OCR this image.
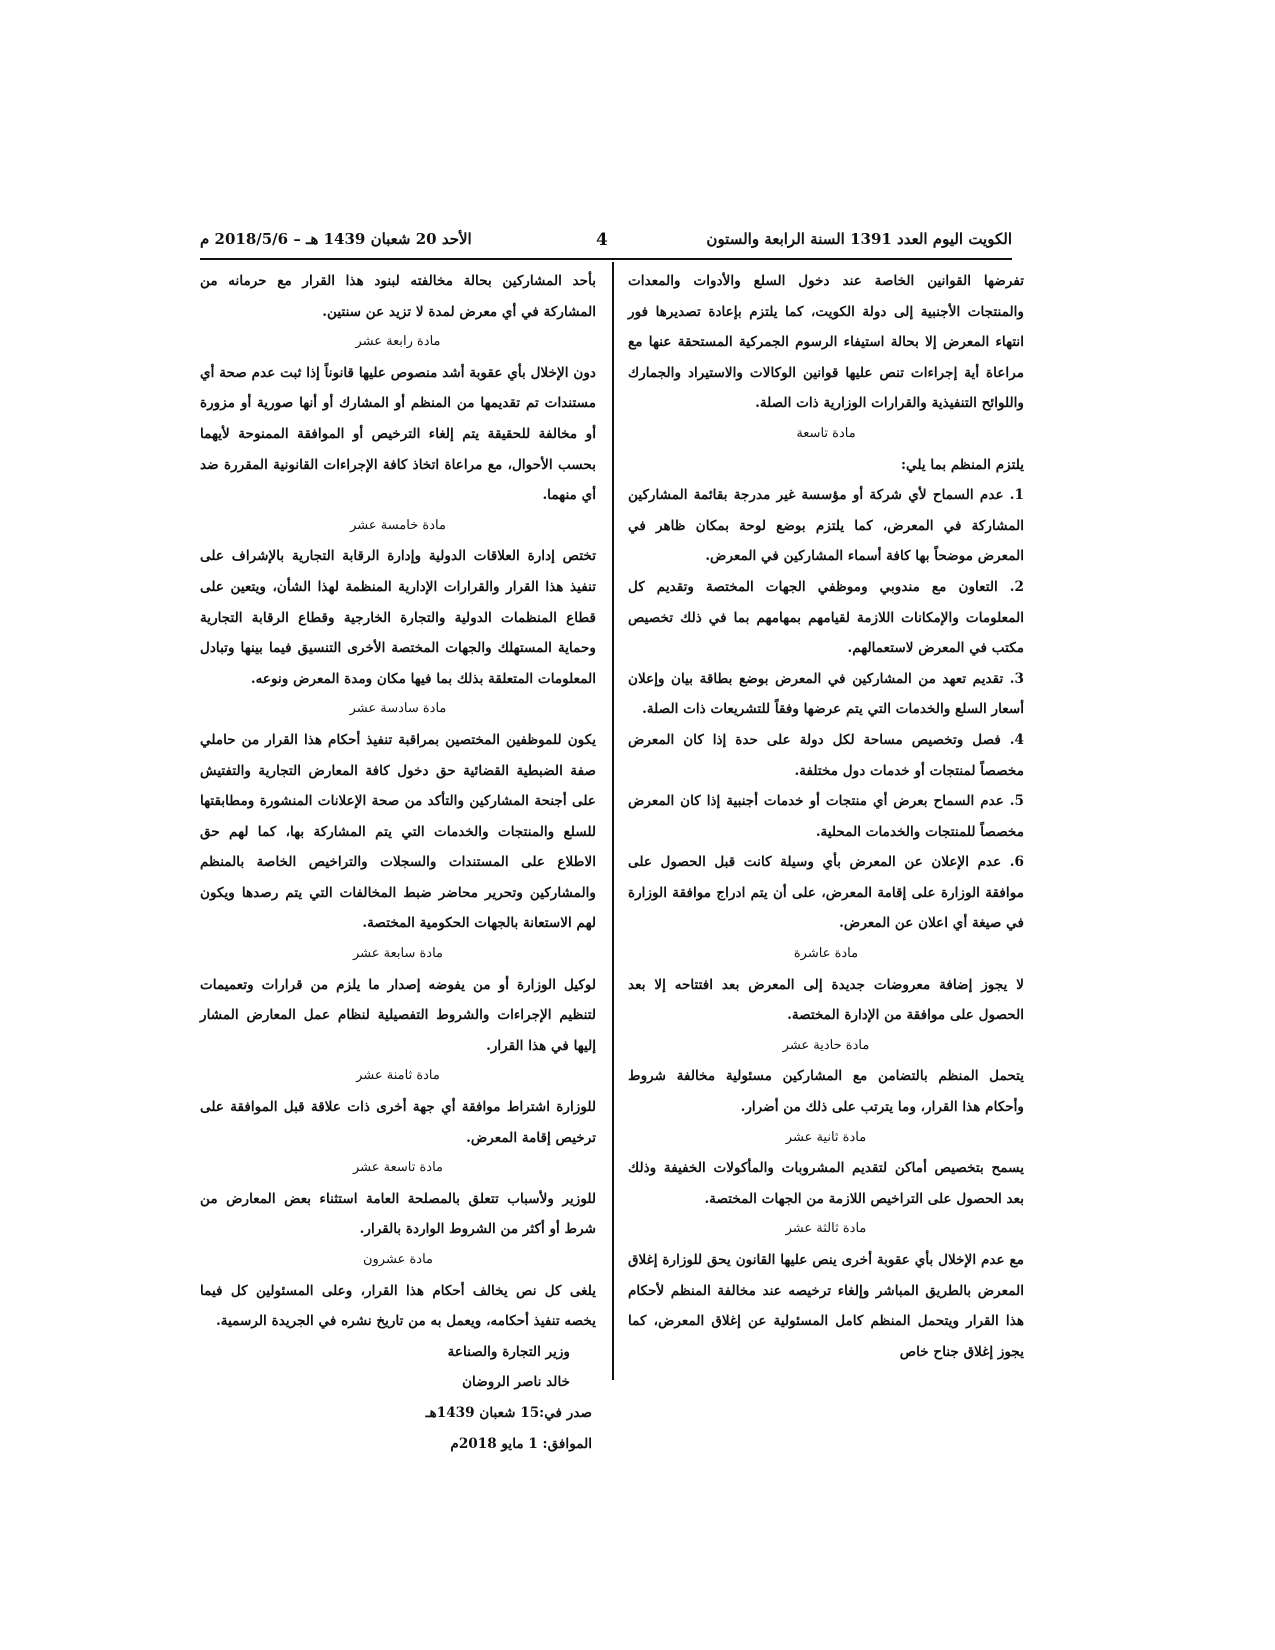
الكويت اليوم العدد 1391 السنة الرابعة والستون
4
الأحد 20 شعبان 1439 هـ – 2018/5/6 م

تفرضها القوانين الخاصة عند دخول السلع والأدوات والمعدات والمنتجات الأجنبية إلى دولة الكويت، كما يلتزم بإعادة تصديرها فور انتهاء المعرض إلا بحالة استيفاء الرسوم الجمركية المستحقة عنها مع مراعاة أية إجراءات تنص عليها قوانين الوكالات والاستيراد والجمارك واللوائح التنفيذية والقرارات الوزارية ذات الصلة.

مادة تاسعة

يلتزم المنظم بما يلي:

1. عدم السماح لأي شركة أو مؤسسة غير مدرجة بقائمة المشاركين المشاركة في المعرض، كما يلتزم بوضع لوحة بمكان ظاهر في المعرض موضحاً بها كافة أسماء المشاركين في المعرض.

2. التعاون مع مندوبي وموظفي الجهات المختصة وتقديم كل المعلومات والإمكانات اللازمة لقيامهم بمهامهم بما في ذلك تخصيص مكتب في المعرض لاستعمالهم.

3. تقديم تعهد من المشاركين في المعرض بوضع بطاقة بيان وإعلان أسعار السلع والخدمات التي يتم عرضها وفقاً للتشريعات ذات الصلة.

4. فصل وتخصيص مساحة لكل دولة على حدة إذا كان المعرض مخصصاً لمنتجات أو خدمات دول مختلفة.

5. عدم السماح بعرض أي منتجات أو خدمات أجنبية إذا كان المعرض مخصصاً للمنتجات والخدمات المحلية.

6. عدم الإعلان عن المعرض بأي وسيلة كانت قبل الحصول على موافقة الوزارة على إقامة المعرض، على أن يتم ادراج موافقة الوزارة في صيغة أي اعلان عن المعرض.

مادة عاشرة

لا يجوز إضافة معروضات جديدة إلى المعرض بعد افتتاحه إلا بعد الحصول على موافقة من الإدارة المختصة.

مادة حادية عشر

يتحمل المنظم بالتضامن مع المشاركين مسئولية مخالفة شروط وأحكام هذا القرار، وما يترتب على ذلك من أضرار.

مادة ثانية عشر

يسمح بتخصيص أماكن لتقديم المشروبات والمأكولات الخفيفة وذلك بعد الحصول على التراخيص اللازمة من الجهات المختصة.

مادة ثالثة عشر

مع عدم الإخلال بأي عقوبة أخرى ينص عليها القانون يحق للوزارة إغلاق المعرض بالطريق المباشر وإلغاء ترخيصه عند مخالفة المنظم لأحكام هذا القرار ويتحمل المنظم كامل المسئولية عن إغلاق المعرض، كما يجوز إغلاق جناح خاص

بأحد المشاركين بحالة مخالفته لبنود هذا القرار مع حرمانه من المشاركة في أي معرض لمدة لا تزيد عن سنتين.

مادة رابعة عشر

دون الإخلال بأي عقوبة أشد منصوص عليها قانوناً إذا ثبت عدم صحة أي مستندات تم تقديمها من المنظم أو المشارك أو أنها صورية أو مزورة أو مخالفة للحقيقة يتم إلغاء الترخيص أو الموافقة الممنوحة لأيهما بحسب الأحوال، مع مراعاة اتخاذ كافة الإجراءات القانونية المقررة ضد أي منهما.

مادة خامسة عشر

تختص إدارة العلاقات الدولية وإدارة الرقابة التجارية بالإشراف على تنفيذ هذا القرار والقرارات الإدارية المنظمة لهذا الشأن، ويتعين على قطاع المنظمات الدولية والتجارة الخارجية وقطاع الرقابة التجارية وحماية المستهلك والجهات المختصة الأخرى التنسيق فيما بينها وتبادل المعلومات المتعلقة بذلك بما فيها مكان ومدة المعرض ونوعه.

مادة سادسة عشر

يكون للموظفين المختصين بمراقبة تنفيذ أحكام هذا القرار من حاملي صفة الضبطية القضائية حق دخول كافة المعارض التجارية والتفتيش على أجنحة المشاركين والتأكد من صحة الإعلانات المنشورة ومطابقتها للسلع والمنتجات والخدمات التي يتم المشاركة بها، كما لهم حق الاطلاع على المستندات والسجلات والتراخيص الخاصة بالمنظم والمشاركين وتحرير محاضر ضبط المخالفات التي يتم رصدها ويكون لهم الاستعانة بالجهات الحكومية المختصة.

مادة سابعة عشر

لوكيل الوزارة أو من يفوضه إصدار ما يلزم من قرارات وتعميمات لتنظيم الإجراءات والشروط التفصيلية لنظام عمل المعارض المشار إليها في هذا القرار.

مادة ثامنة عشر

للوزارة اشتراط موافقة أي جهة أخرى ذات علاقة قبل الموافقة على ترخيص إقامة المعرض.

مادة تاسعة عشر

للوزير ولأسباب تتعلق بالمصلحة العامة استثناء بعض المعارض من شرط أو أكثر من الشروط الواردة بالقرار.

مادة عشرون

يلغى كل نص يخالف أحكام هذا القرار، وعلى المسئولين كل فيما يخصه تنفيذ أحكامه، ويعمل به من تاريخ نشره في الجريدة الرسمية.

وزير التجارة والصناعة

خالد ناصر الروضان

صدر في:15 شعبان 1439هـ

الموافق: 1 مايو 2018م
